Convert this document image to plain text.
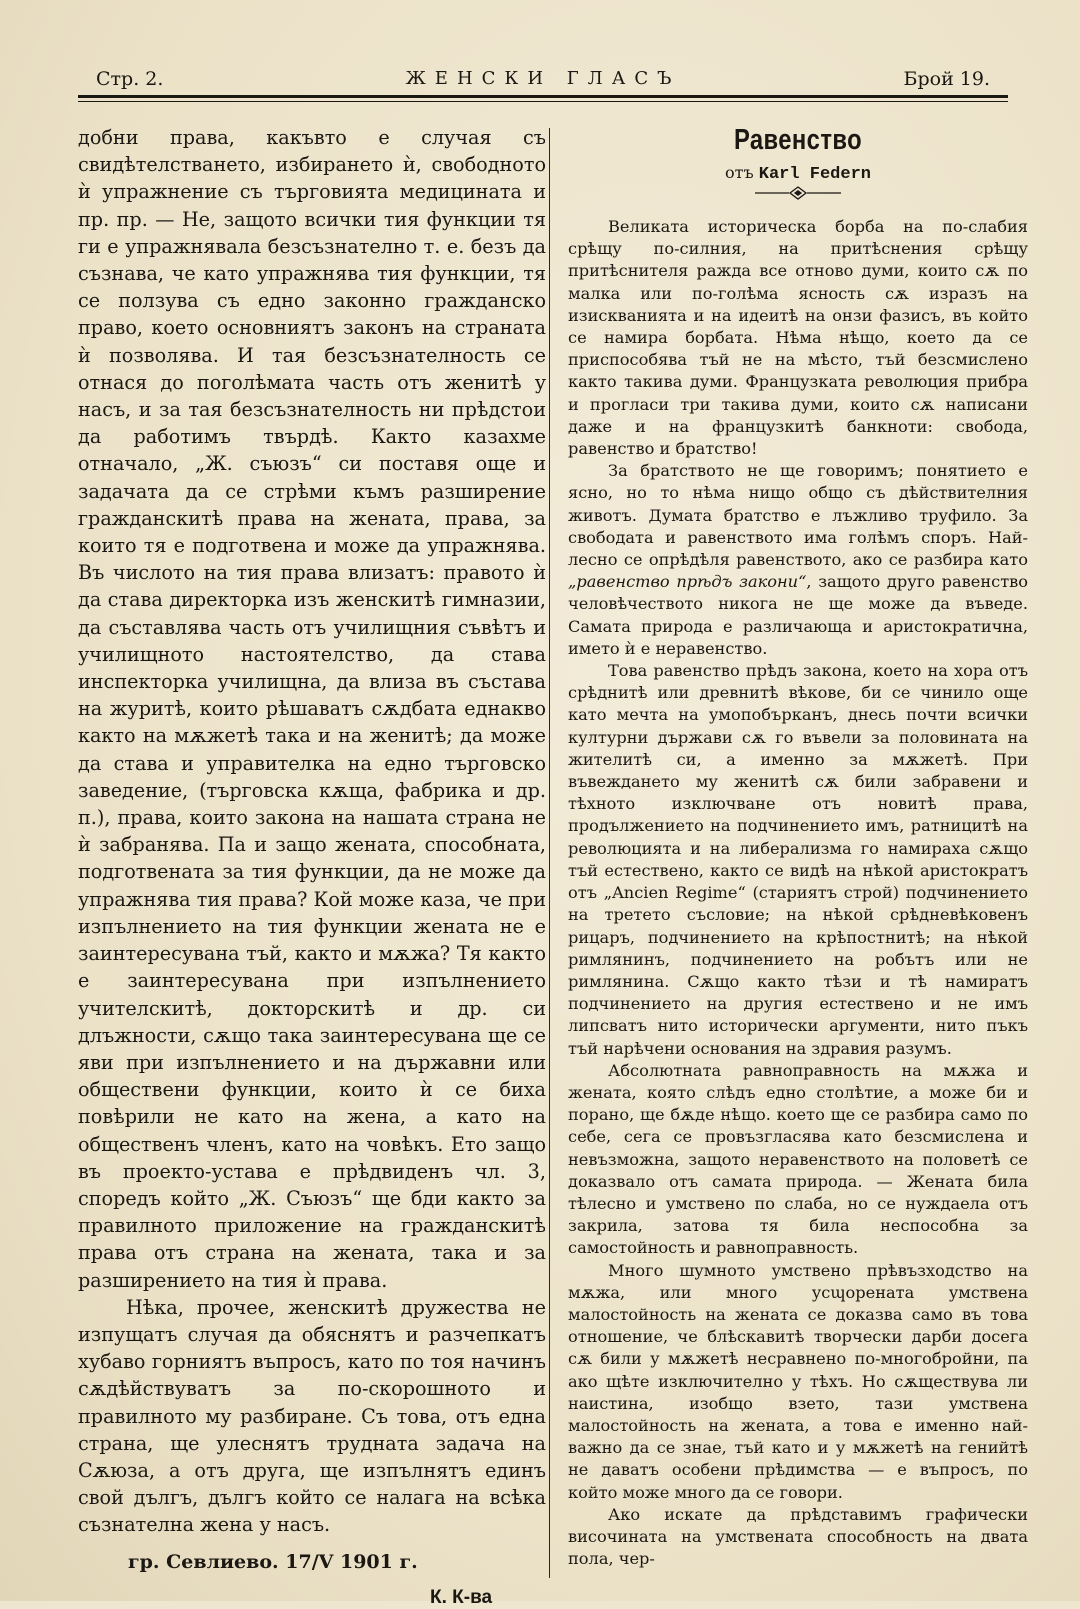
Стр. 2.	ЖЕНСКИ ГЛАСЪ	Брой 19.

добни права, какъвто е случая съ свидѣтелстването, избирането ѝ, свободното ѝ упражнение съ търговията медицината и пр. пр. — Не, защото всички тия функции тя ги е упражнявала безсъзнателно т. е. безъ да съзнава, че като упражнява тия функции, тя се ползува съ едно законно гражданско право, което основниятъ законъ на страната ѝ позволява. И тая безсъзнателность се отнася до поголѣмата часть отъ женитѣ у насъ, и за тая безсъзнателность ни прѣдстои да работимъ твърдѣ. Както казахме отначало, „Ж. съюзъ“ си поставя още и задачата да се стрѣми къмъ разширение гражданскитѣ права на жената, права, за които тя е подготвена и може да упражнява. Въ числото на тия права влизатъ: правото ѝ да става директорка изъ женскитѣ гимназии, да съставлява часть отъ училищния съвѣтъ и училищното настоятелство, да става инспекторка училищна, да влиза въ състава на журитѣ, които рѣшаватъ сѫдбата еднакво както на мѫжетѣ така и на женитѣ; да може да става и управителка на едно търговско заведение, (търговска кѫща, фабрика и др. п.), права, които закона на нашата страна не ѝ забранява. Па и защо жената, способната, подготвената за тия функции, да не може да упражнява тия права? Кой може каза, че при изпълнението на тия функции жената не е заинтересувана тъй, както и мѫжа? Тя както е заинтересувана при изпълнението учителскитѣ, докторскитѣ и др. си длъжности, сѫщо така заинтересувана ще се яви при изпълнението и на държавни или обществени функции, които ѝ се биха повѣрили не като на жена, а като на общественъ членъ, като на човѣкъ. Ето защо въ проекто-устава е прѣдвиденъ чл. 3, споредъ който „Ж. Съюзъ“ ще бди както за правилното приложение на гражданскитѣ права отъ страна на жената, така и за разширението на тия ѝ права.

Нѣка, прочее, женскитѣ дружества не изпущатъ случая да обяснятъ и разчепкатъ хубаво горниятъ въпросъ, като по тоя начинъ сѫдѣйствуватъ за по-скорошното и правилното му разбиране. Съ това, отъ една страна, ще улеснятъ трудната задача на Сѫюза, а отъ друга, ще изпълнятъ единъ свой дългъ, дългъ който се налага на всѣка съзнателна жена у насъ.

гр. Севлиево. 17/V 1901 г.
К. К-ва
Равенство
отъ Karl Federn

Великата историческа борба на по-слабия срѣщу по-силния, на притѣснения срѣщу притѣснителя ражда все отново думи, които сѫ по малка или по-голѣма ясность сѫ изразъ на изискванията и на идеитѣ на онзи фазисъ, въ който се намира борбата. Нѣма нѣщо, което да се приспособява тъй не на мѣсто, тъй безсмислено както такива думи. Французката революция прибра и прогласи три такива думи, които сѫ написани даже и на французкитѣ банкноти: свобода, равенство и братство!

За братството не ще говоримъ; понятието е ясно, но то нѣма нищо общо съ дѣйствителния животъ. Думата братство е лъжливо труфило. За свободата и равенството има голѣмъ споръ. Най-лесно се опрѣдѣля равенството, ако се разбира като „равенство прѣдъ закони“, защото друго равенство человѣчеството никога не ще може да въведе. Самата природа е различающа и аристократична, името ѝ е неравенство.

Това равенство прѣдъ закона, което на хора отъ срѣднитѣ или древнитѣ вѣкове, би се чинило още като мечта на умопобърканъ, днесь почти всички културни държави сѫ го въвели за половината на жителитѣ си, а именно за мѫжетѣ. При въвеждането му женитѣ сѫ били забравени и тѣхното изключване отъ новитѣ права, продължението на подчинението имъ, ратницитѣ на революцията и на либерализма го намираха сѫщо тъй естествено, както се видѣ на нѣкой аристократъ отъ „Ancien Regime“ (стариятъ строй) подчинението на третето съсловие; на нѣкой срѣдневѣковенъ рицаръ, подчинението на крѣпостнитѣ; на нѣкой римлянинъ, подчинението на робътъ или не римлянина. Сѫщо както тѣзи и тѣ намиратъ подчинението на другия естествено и не имъ липсватъ нито исторически аргументи, нито пъкъ тъй нарѣчени основания на здравия разумъ.

Абсолютната равноправность на мѫжа и жената, която слѣдъ едно столѣтие, а може би и порано, ще бѫде нѣщо. което ще се разбира само по себе, сега се провъзгласява като безсмислена и невъзможна, защото неравенството на половетѣ се доказвало отъ самата природа. — Жената била тѣлесно и умствено по слаба, но се нуждаела отъ закрила, затова тя била неспособна за самостойность и равноправность.

Много шумното умствено прѣвъзходство на мѫжа, или много усպорената умствена малостойность на жената се доказва само въ това отношение, че блѣскавитѣ творчески дарби досега сѫ били у мѫжетѣ несравнено по-многобройни, па ако щѣте изключително у тѣхъ. Но сѫществува ли наистина, изобщо взето, тази умствена малостойность на жената, а това е именно най-важно да се знае, тъй като и у мѫжетѣ на генийтѣ не даватъ особени прѣдимства — е въпросъ, по който може много да се говори.

Ако искате да прѣдставимъ графически височината на умствената способность на двата пола, чер-
